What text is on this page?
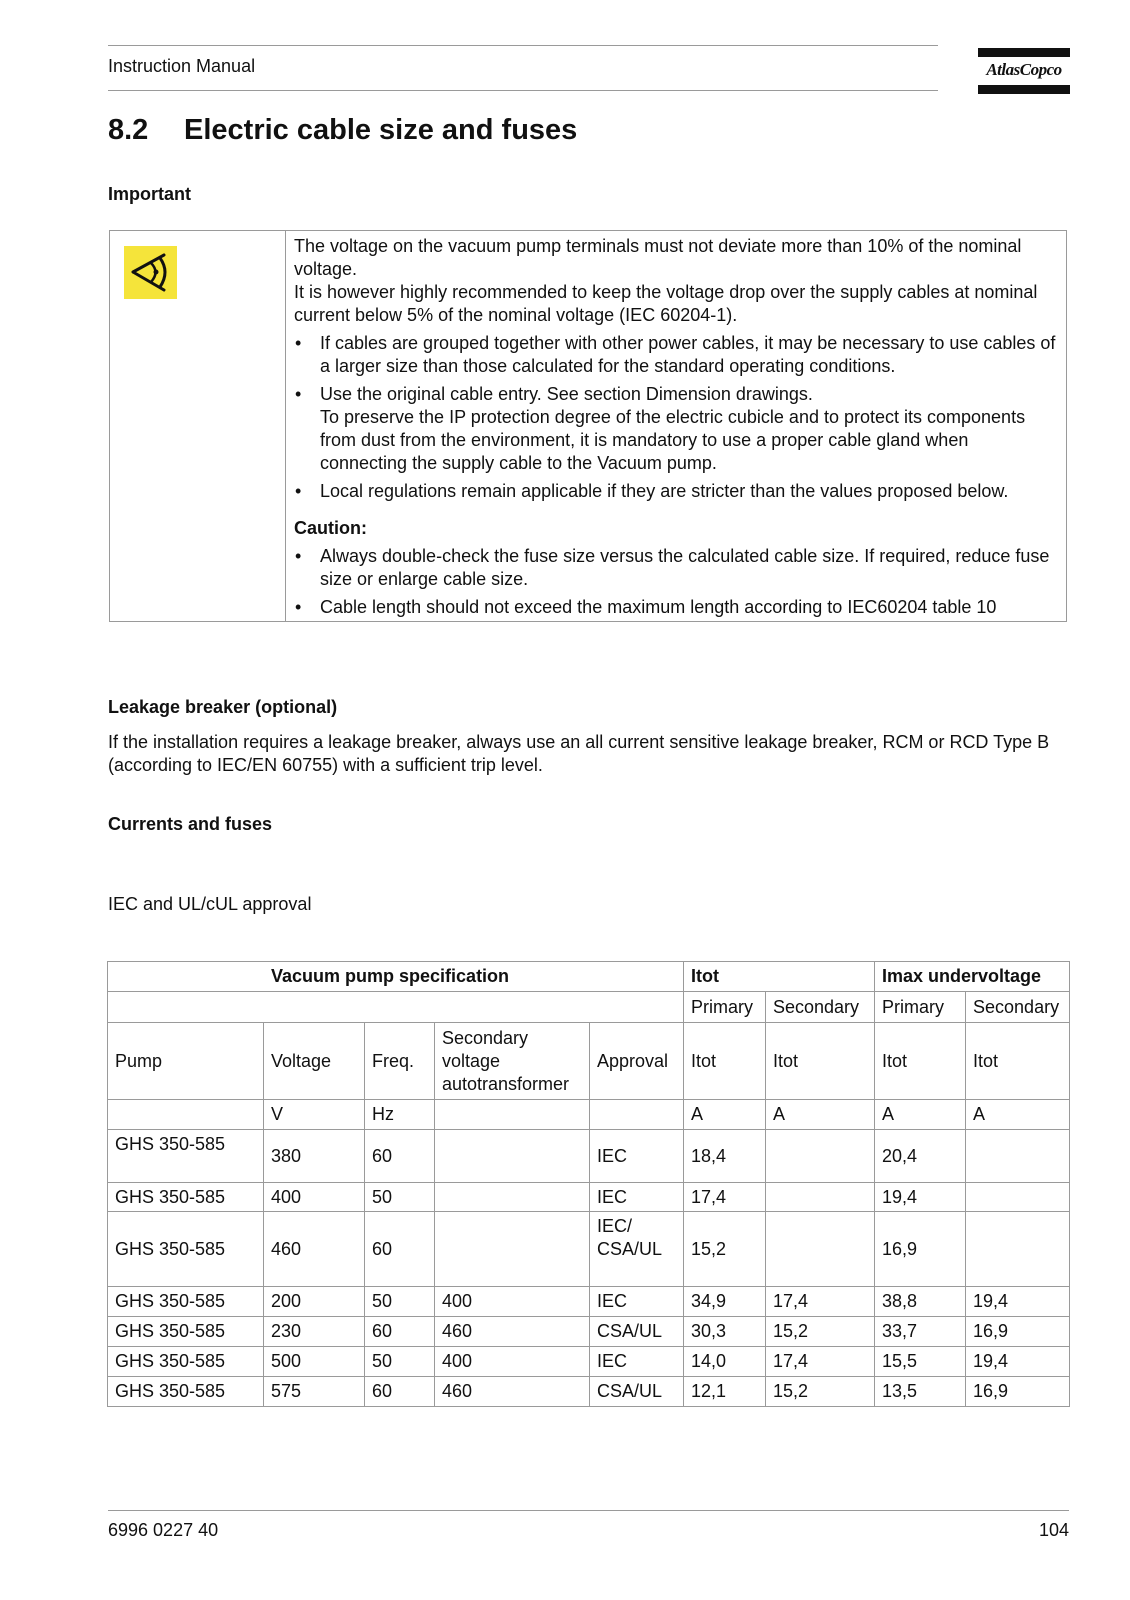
Instruction Manual	AtlasCopco
8.2 Electric cable size and fuses
Important

The voltage on the vacuum pump terminals must not deviate more than 10% of the nominal voltage.

It is however highly recommended to keep the voltage drop over the supply cables at nominal current below 5% of the nominal voltage (IEC 60204-1).

• If cables are grouped together with other power cables, it may be necessary to use cables of a larger size than those calculated for the standard operating conditions.
• Use the original cable entry. See section Dimension drawings.
To preserve the IP protection degree of the electric cubicle and to protect its components from dust from the environment, it is mandatory to use a proper cable gland when connecting the supply cable to the Vacuum pump.
• Local regulations remain applicable if they are stricter than the values proposed below.
Caution:
• Always double-check the fuse size versus the calculated cable size. If required, reduce fuse size or enlarge cable size.
• Cable length should not exceed the maximum length according to IEC60204 table 10
Leakage breaker (optional)
If the installation requires a leakage breaker, always use an all current sensitive leakage breaker, RCM or RCD Type B (according to IEC/EN 60755) with a sufficient trip level.
Currents and fuses
IEC and UL/cUL approval
Vacuum pump specification					Itot		Imax undervoltage	
					Primary	Secondary	Primary	Secondary
Pump	Voltage	Freq.	Secondary voltage autotransformer	Approval	Itot	Itot	Itot	Itot
	V	Hz			A	A	A	A
GHS 350-585	380	60		IEC	18,4		20,4	
GHS 350-585	400	50		IEC	17,4		19,4	
GHS 350-585	460	60		IEC/ CSA/UL	15,2		16,9	
GHS 350-585	200	50	400	IEC	34,9	17,4	38,8	19,4
GHS 350-585	230	60	460	CSA/UL	30,3	15,2	33,7	16,9
GHS 350-585	500	50	400	IEC	14,0	17,4	15,5	19,4
GHS 350-585	575	60	460	CSA/UL	12,1	15,2	13,5	16,9
6996 0227 40	104
